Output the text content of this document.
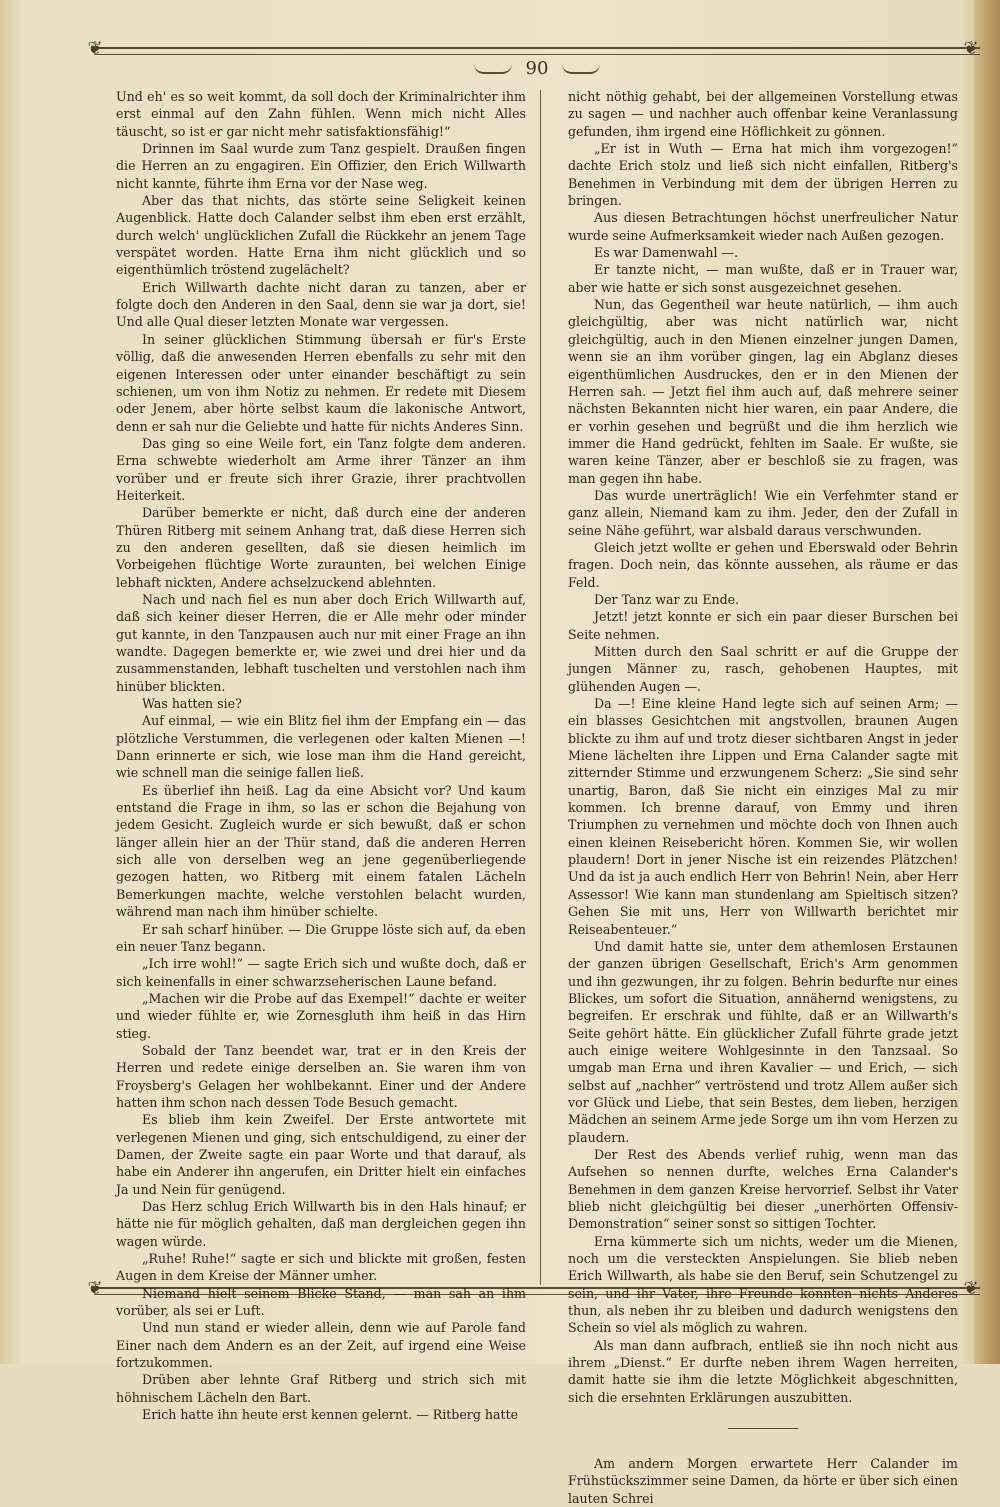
❦	❦
❦	❦
90

Und eh' es so weit kommt, da soll doch der Kriminalrichter ihm erst einmal auf den Zahn fühlen. Wenn mich nicht Alles täuscht, so ist er gar nicht mehr satisfaktionsfähig!“

Drinnen im Saal wurde zum Tanz gespielt. Draußen fingen die Herren an zu engagiren. Ein Offizier, den Erich Willwarth nicht kannte, führte ihm Erna vor der Nase weg.

Aber das that nichts, das störte seine Seligkeit keinen Augenblick. Hatte doch Calander selbst ihm eben erst erzählt, durch welch' unglücklichen Zufall die Rückkehr an jenem Tage verspätet worden. Hatte Erna ihm nicht glücklich und so eigenthümlich tröstend zugelächelt?

Erich Willwarth dachte nicht daran zu tanzen, aber er folgte doch den Anderen in den Saal, denn sie war ja dort, sie! Und alle Qual dieser letzten Monate war vergessen.

In seiner glücklichen Stimmung übersah er für's Erste völlig, daß die anwesenden Herren ebenfalls zu sehr mit den eigenen Interessen oder unter einander beschäftigt zu sein schienen, um von ihm Notiz zu nehmen. Er redete mit Diesem oder Jenem, aber hörte selbst kaum die lakonische Antwort, denn er sah nur die Geliebte und hatte für nichts Anderes Sinn.

Das ging so eine Weile fort, ein Tanz folgte dem anderen. Erna schwebte wiederholt am Arme ihrer Tänzer an ihm vorüber und er freute sich ihrer Grazie, ihrer prachtvollen Heiterkeit.

Darüber bemerkte er nicht, daß durch eine der anderen Thüren Ritberg mit seinem Anhang trat, daß diese Herren sich zu den anderen gesellten, daß sie diesen heimlich im Vorbeigehen flüchtige Worte zuraunten, bei welchen Einige lebhaft nickten, Andere achselzuckend ablehnten.

Nach und nach fiel es nun aber doch Erich Willwarth auf, daß sich keiner dieser Herren, die er Alle mehr oder minder gut kannte, in den Tanzpausen auch nur mit einer Frage an ihn wandte. Dagegen bemerkte er, wie zwei und drei hier und da zusammenstanden, lebhaft tuschelten und verstohlen nach ihm hinüber blickten.

Was hatten sie?

Auf einmal, — wie ein Blitz fiel ihm der Empfang ein — das plötzliche Verstummen, die verlegenen oder kalten Mienen —! Dann erinnerte er sich, wie lose man ihm die Hand gereicht, wie schnell man die seinige fallen ließ.

Es überlief ihn heiß. Lag da eine Absicht vor? Und kaum entstand die Frage in ihm, so las er schon die Bejahung von jedem Gesicht. Zugleich wurde er sich bewußt, daß er schon länger allein hier an der Thür stand, daß die anderen Herren sich alle von derselben weg an jene gegenüberliegende gezogen hatten, wo Ritberg mit einem fatalen Lächeln Bemerkungen machte, welche verstohlen belacht wurden, während man nach ihm hinüber schielte.

Er sah scharf hinüber. — Die Gruppe löste sich auf, da eben ein neuer Tanz begann.

„Ich irre wohl!“ — sagte Erich sich und wußte doch, daß er sich keinenfalls in einer schwarzseherischen Laune befand.

„Machen wir die Probe auf das Exempel!“ dachte er weiter und wieder fühlte er, wie Zornesgluth ihm heiß in das Hirn stieg.

Sobald der Tanz beendet war, trat er in den Kreis der Herren und redete einige derselben an. Sie waren ihm von Froysberg's Gelagen her wohlbekannt. Einer und der Andere hatten ihm schon nach dessen Tode Besuch gemacht.

Es blieb ihm kein Zweifel. Der Erste antwortete mit verlegenen Mienen und ging, sich entschuldigend, zu einer der Damen, der Zweite sagte ein paar Worte und that darauf, als habe ein Anderer ihn angerufen, ein Dritter hielt ein einfaches Ja und Nein für genügend.

Das Herz schlug Erich Willwarth bis in den Hals hinauf; er hätte nie für möglich gehalten, daß man dergleichen gegen ihn wagen würde.

„Ruhe! Ruhe!“ sagte er sich und blickte mit großen, festen Augen in dem Kreise der Männer umher.

Niemand hielt seinem Blicke Stand, — man sah an ihm vorüber, als sei er Luft.

Und nun stand er wieder allein, denn wie auf Parole fand Einer nach dem Andern es an der Zeit, auf irgend eine Weise fortzukommen.

Drüben aber lehnte Graf Ritberg und strich sich mit höhnischem Lächeln den Bart.

Erich hatte ihn heute erst kennen gelernt. — Ritberg hatte

nicht nöthig gehabt, bei der allgemeinen Vorstellung etwas zu sagen — und nachher auch offenbar keine Veranlassung gefunden, ihm irgend eine Höflichkeit zu gönnen.

„Er ist in Wuth — Erna hat mich ihm vorgezogen!“ dachte Erich stolz und ließ sich nicht einfallen, Ritberg's Benehmen in Verbindung mit dem der übrigen Herren zu bringen.

Aus diesen Betrachtungen höchst unerfreulicher Natur wurde seine Aufmerksamkeit wieder nach Außen gezogen.

Es war Damenwahl —.

Er tanzte nicht, — man wußte, daß er in Trauer war, aber wie hatte er sich sonst ausgezeichnet gesehen.

Nun, das Gegentheil war heute natürlich, — ihm auch gleichgültig, aber was nicht natürlich war, nicht gleichgültig, auch in den Mienen einzelner jungen Damen, wenn sie an ihm vorüber gingen, lag ein Abglanz dieses eigenthümlichen Ausdruckes, den er in den Mienen der Herren sah. — Jetzt fiel ihm auch auf, daß mehrere seiner nächsten Bekannten nicht hier waren, ein paar Andere, die er vorhin gesehen und begrüßt und die ihm herzlich wie immer die Hand gedrückt, fehlten im Saale. Er wußte, sie waren keine Tänzer, aber er beschloß sie zu fragen, was man gegen ihn habe.

Das wurde unerträglich! Wie ein Verfehmter stand er ganz allein, Niemand kam zu ihm. Jeder, den der Zufall in seine Nähe geführt, war alsbald daraus verschwunden.

Gleich jetzt wollte er gehen und Eberswald oder Behrin fragen. Doch nein, das könnte aussehen, als räume er das Feld.

Der Tanz war zu Ende.

Jetzt! jetzt konnte er sich ein paar dieser Burschen bei Seite nehmen.

Mitten durch den Saal schritt er auf die Gruppe der jungen Männer zu, rasch, gehobenen Hauptes, mit glühenden Augen —.

Da —! Eine kleine Hand legte sich auf seinen Arm; — ein blasses Gesichtchen mit angstvollen, braunen Augen blickte zu ihm auf und trotz dieser sichtbaren Angst in jeder Miene lächelten ihre Lippen und Erna Calander sagte mit zitternder Stimme und erzwungenem Scherz: „Sie sind sehr unartig, Baron, daß Sie nicht ein einziges Mal zu mir kommen. Ich brenne darauf, von Emmy und ihren Triumphen zu vernehmen und möchte doch von Ihnen auch einen kleinen Reisebericht hören. Kommen Sie, wir wollen plaudern! Dort in jener Nische ist ein reizendes Plätzchen! Und da ist ja auch endlich Herr von Behrin! Nein, aber Herr Assessor! Wie kann man stundenlang am Spieltisch sitzen? Gehen Sie mit uns, Herr von Willwarth berichtet mir Reiseabenteuer.“

Und damit hatte sie, unter dem athemlosen Erstaunen der ganzen übrigen Gesellschaft, Erich's Arm genommen und ihn gezwungen, ihr zu folgen. Behrin bedurfte nur eines Blickes, um sofort die Situation, annähernd wenigstens, zu begreifen. Er erschrak und fühlte, daß er an Willwarth's Seite gehört hätte. Ein glücklicher Zufall führte grade jetzt auch einige weitere Wohlgesinnte in den Tanzsaal. So umgab man Erna und ihren Kavalier — und Erich, — sich selbst auf „nachher“ vertröstend und trotz Allem außer sich vor Glück und Liebe, that sein Bestes, dem lieben, herzigen Mädchen an seinem Arme jede Sorge um ihn vom Herzen zu plaudern.

Der Rest des Abends verlief ruhig, wenn man das Aufsehen so nennen durfte, welches Erna Calander's Benehmen in dem ganzen Kreise hervorrief. Selbst ihr Vater blieb nicht gleichgültig bei dieser „unerhörten Offensiv-Demonstration“ seiner sonst so sittigen Tochter.

Erna kümmerte sich um nichts, weder um die Mienen, noch um die versteckten Anspielungen. Sie blieb neben Erich Willwarth, als habe sie den Beruf, sein Schutzengel zu sein, und ihr Vater, ihre Freunde konnten nichts Anderes thun, als neben ihr zu bleiben und dadurch wenigstens den Schein so viel als möglich zu wahren.

Als man dann aufbrach, entließ sie ihn noch nicht aus ihrem „Dienst.“ Er durfte neben ihrem Wagen herreiten, damit hatte sie ihm die letzte Möglichkeit abgeschnitten, sich die ersehnten Erklärungen auszubitten.

Am andern Morgen erwartete Herr Calander im Frühstückszimmer seine Damen, da hörte er über sich einen lauten Schrei
